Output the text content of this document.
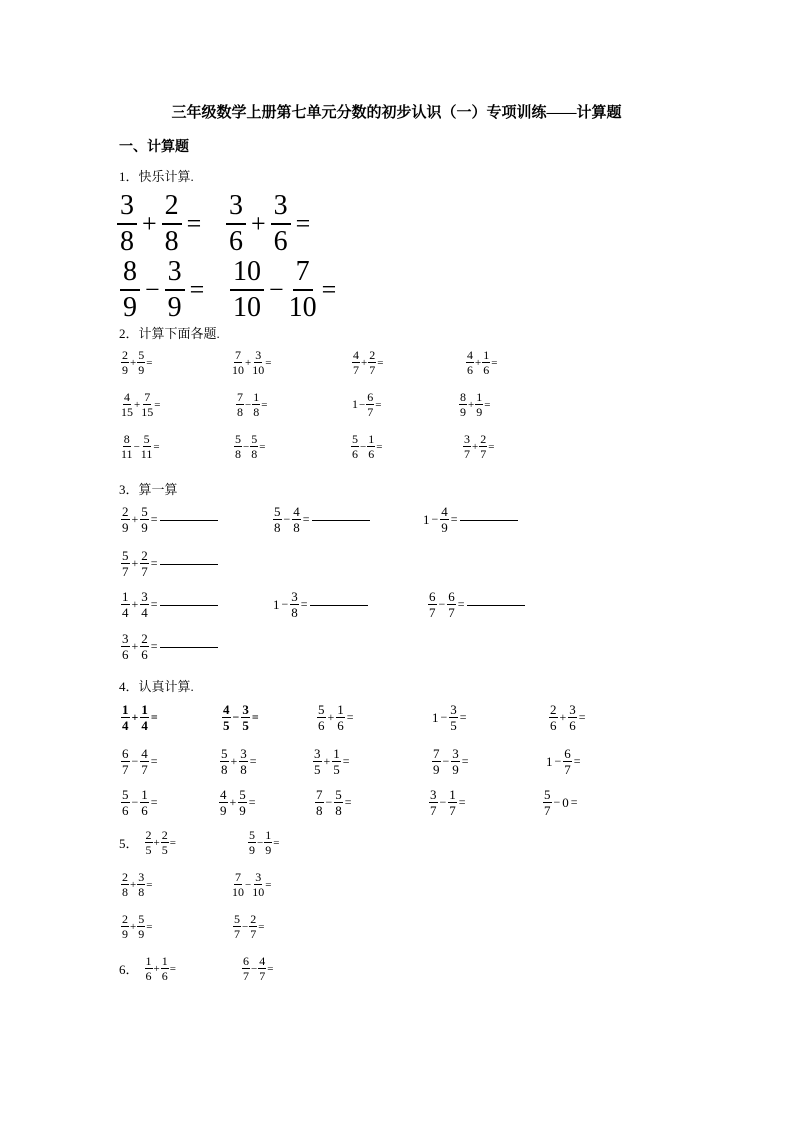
三年级数学上册第七单元分数的初步认识（一）专项训练——计算题
一、计算题
1．快乐计算.
2．计算下面各题.
3．算一算
4．认真计算.
$\frac{3}{8} + \frac{2}{8} = \frac{3}{6} + \frac{3}{6}$ =
$\frac{8}{9} - \frac{3}{9} = \frac{10}{10} - \frac{7}{10}$ =
$\frac{2}{9} + \frac{5}{9}$ =	$\frac{7}{10} + \frac{3}{10}$ =	$\frac{4}{7} + \frac{2}{7}$ =	$\frac{4}{6} + \frac{1}{6}$ =
$\frac{4}{15} + \frac{7}{15}$ =	$\frac{7}{8} - \frac{1}{8}$ =	$1 - \frac{6}{7}$ =	$\frac{8}{9} + \frac{1}{9}$ =
$\frac{8}{11} - \frac{5}{11}$ =	$\frac{5}{8} - \frac{5}{8}$ =	$\frac{5}{6} - \frac{1}{6}$ =	$\frac{3}{7} + \frac{2}{7}$ =
$\frac{2}{9} + \frac{5}{9}$ =	$\frac{5}{8} - \frac{4}{8}$ =	$1 - \frac{4}{9}$ =
$\frac{5}{7} + \frac{2}{7}$ =
$\frac{1}{4} + \frac{3}{4}$ =	$1 - \frac{3}{8}$ =	$\frac{6}{7} - \frac{6}{7}$ =
$\frac{3}{6} + \frac{2}{6}$ =
$\frac{1}{4} + \frac{1}{4}$ =	$\frac{4}{5} - \frac{3}{5}$ =	$\frac{5}{6} + \frac{1}{6}$ =	$1 - \frac{3}{5}$ =	$\frac{2}{6} + \frac{3}{6}$ =
$\frac{6}{7} - \frac{4}{7}$ =	$\frac{5}{8} + \frac{3}{8}$ =	$\frac{3}{5} + \frac{1}{5}$ =	$\frac{7}{9} - \frac{3}{9}$ =	$1 - \frac{6}{7}$ =
$\frac{5}{6} - \frac{1}{6}$ =	$\frac{4}{9} + \frac{5}{9}$ =	$\frac{7}{8} - \frac{5}{8}$ =	$\frac{3}{7} - \frac{1}{7}$ =	$\frac{5}{7} - 0$ =
5． $\frac{2}{5} + \frac{2}{5}$ =	$\frac{5}{9} - \frac{1}{9}$ =
$\frac{2}{8} + \frac{3}{8}$ =	$\frac{7}{10} - \frac{3}{10}$ =
$\frac{2}{9} + \frac{5}{9}$ =	$\frac{5}{7} - \frac{2}{7}$ =
6． $\frac{1}{6} + \frac{1}{6}$ =	$\frac{6}{7} - \frac{4}{7}$ =
